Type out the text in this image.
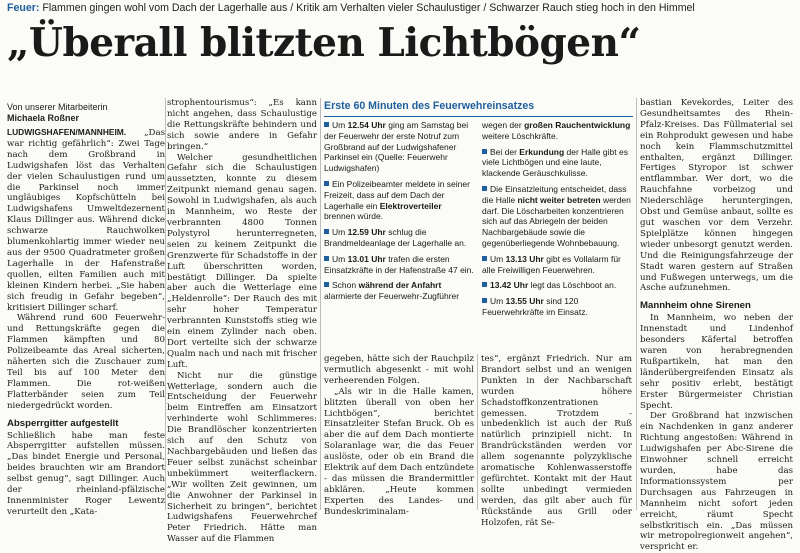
Feuer: Flammen gingen wohl vom Dach der Lagerhalle aus / Kritik am Verhalten vieler Schaulustiger / Schwarzer Rauch stieg hoch in den Himmel
„Überall blitzten Lichtbögen“
Von unserer Mitarbeiterin
Michaela Roßner

LUDWIGSHAFEN/MANNHEIM. „Das war richtig gefährlich“: Zwei Tage nach dem Großbrand in Ludwigshafen löst das Verhalten der vielen Schaulustigen rund um die Parkinsel noch immer ungläubiges Kopfschütteln bei Ludwigshafens Umweltdezernent Klaus Dillinger aus. Während dicke schwarze Rauchwolken blumenkohlartig immer wieder neu aus der 9500 Quadratmeter großen Lagerhalle in der Hafenstraße quollen, eilten Familien auch mit kleinen Kindern herbei. „Sie haben sich freudig in Gefahr begeben“, kritisiert Dillinger scharf.

Während rund 600 Feuerwehr- und Rettungskräfte gegen die Flammen kämpften und 80 Polizeibeamte das Areal sicherten, näherten sich die Zuschauer zum Teil bis auf 100 Meter den Flammen. Die rot-weißen Flatterbänder seien zum Teil niedergedrückt worden.

Absperrgitter aufgestellt

Schließlich habe man feste Absperrgitter aufstellen müssen. „Das bindet Energie und Personal, beides brauchten wir am Brandort selbst genug“, sagt Dillinger. Auch der rheinland-pfälzische Innenminister Roger Lewentz verurteilt den „Kata-

strophentourismus“: „Es kann nicht angehen, dass Schaulustige die Rettungskräfte behindern und sich sowie andere in Gefahr bringen.“

Welcher gesundheitlichen Gefahr sich die Schaulustigen aussetzten, konnte zu diesem Zeitpunkt niemand genau sagen. Sowohl in Ludwigshafen, als auch in Mannheim, wo Reste der verbrannten 4800 Tonnen Polystyrol herunterregneten, seien zu keinem Zeitpunkt die Grenzwerte für Schadstoffe in der Luft überschritten worden, bestätigt Dillinger. Da spielte aber auch die Wetterlage eine „Heldenrolle“: Der Rauch des mit sehr hoher Temperatur verbrannten Kunststoffs stieg wie ein einem Zylinder nach oben. Dort verteilte sich der schwarze Qualm nach und nach mit frischer Luft.

Nicht nur die günstige Wetterlage, sondern auch die Entscheidung der Feuerwehr beim Eintreffen am Einsatzort verhinderte wohl Schlimmeres: Die Brandlöscher konzentrierten sich auf den Schutz von Nachbargebäuden und ließen das Feuer selbst zunächst scheinbar unbekümmert weiterflackern. „Wir wollten Zeit gewinnen, um die Anwohner der Parkinsel in Sicherheit zu bringen“, berichtet Ludwigshafens Feuerwehrchef Peter Friedrich. Hätte man Wasser auf die Flammen

Erste 60 Minuten des Feuerwehreinsatzes
Um 12.54 Uhr ging am Samstag bei der Feuerwehr der erste Notruf zum Großbrand auf der Ludwigshafener Parkinsel ein (Quelle: Feuerwehr Ludwigshafen)
Ein Polizeibeamter meldete in seiner Freizeit, dass auf dem Dach der Lagerhalle ein Elektroverteiler brennen würde.
Um 12.59 Uhr schlug die Brandmeldeanlage der Lagerhalle an.
Um 13.01 Uhr trafen die ersten Einsatzkräfte in der Hafenstraße 47 ein.
Schon während der Anfahrt alarmierte der Feuerwehr-Zugführer
wegen der großen Rauchentwicklung weitere Löschkräfte.
Bei der Erkundung der Halle gibt es viele Lichtbögen und eine laute, klackende Geräuschkulisse.
Die Einsatzleitung entscheidet, dass die Halle nicht weiter betreten werden darf. Die Löscharbeiten konzentrieren sich auf das Abriegeln der beiden Nachbargebäude sowie die gegenüberliegende Wohnbebauung.
Um 13.13 Uhr gibt es Vollalarm für alle Freiwilligen Feuerwehren.
13.42 Uhr legt das Löschboot an.
Um 13.55 Uhr sind 120 Feuerwehrkräfte im Einsatz.

gegeben, hätte sich der Rauchpilz vermutlich abgesenkt - mit wohl verheerenden Folgen.

„Als wir in die Halle kamen, blitzten überall von oben her Lichtbögen“, berichtet Einsatzleiter Stefan Bruck. Ob es aber die auf dem Dach montierte Solaranlage war, die das Feuer auslöste, oder ob ein Brand die Elektrik auf dem Dach entzündete - das müssen die Brandermittler abklären. „Heute kommen Experten des Landes- und Bundeskriminalam-

tes“, ergänzt Friedrich. Nur am Brandort selbst und an wenigen Punkten in der Nachbarschaft wurden höhere Schadstoffkonzentrationen gemessen. Trotzdem - unbedenklich ist auch der Ruß natürlich prinzipiell nicht. In Brandrückständen werden vor allem sogenannte polyzyklische aromatische Kohlenwasserstoffe gefürchtet. Kontakt mit der Haut sollte unbedingt vermieden werden, das gilt aber auch für Rückstände aus Grill oder Holzofen, rät Se-

bastian Kevekordes, Leiter des Gesundheitsamtes des Rhein-Pfalz-Kreises. Das Füllmaterial sei ein Rohprodukt gewesen und habe noch kein Flammschutzmittel enthalten, ergänzt Dillinger. Fertiges Styropor ist schwer entflammbar. Wer dort, wo die Rauchfahne vorbeizog und Niederschläge heruntergingen, Obst und Gemüse anbaut, sollte es gut waschen vor dem Verzehr. Spielplätze können hingegen wieder unbesorgt genutzt werden. Und die Reinigungsfahrzeuge der Stadt waren gestern auf Straßen und Fußwegen unterwegs, um die Asche aufzunehmen.

Mannheim ohne Sirenen

In Mannheim, wo neben der Innenstadt und Lindenhof besonders Käfertal betroffen waren von herabregnenden Rußpartikeln, hat man den länderübergreifenden Einsatz als sehr positiv erlebt, bestätigt Erster Bürgermeister Christian Specht.

Der Großbrand hat inzwischen ein Nachdenken in ganz anderer Richtung angestoßen: Während in Ludwigshafen per Abc-Sirene die Einwohner schnell erreicht wurden, habe das Informationssystem per Durchsagen aus Fahrzeugen in Mannheim nicht sofort jeden erreicht, räumt Specht selbstkritisch ein. „Das müssen wir metropolregionweit angehen“, verspricht er.
